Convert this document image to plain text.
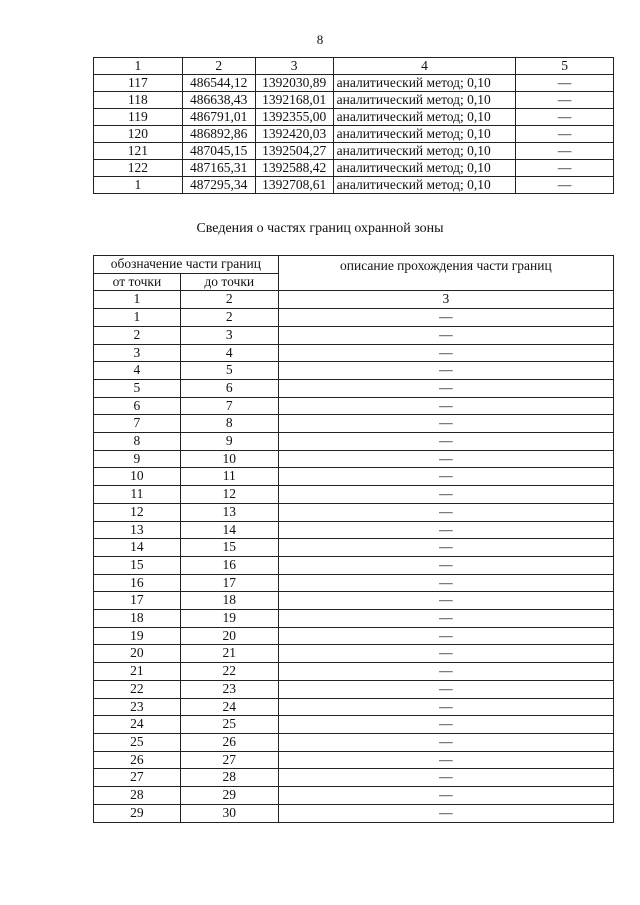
8
1	2	3	4	5
117	486544,12	1392030,89	аналитический метод; 0,10	—
118	486638,43	1392168,01	аналитический метод; 0,10	—
119	486791,01	1392355,00	аналитический метод; 0,10	—
120	486892,86	1392420,03	аналитический метод; 0,10	—
121	487045,15	1392504,27	аналитический метод; 0,10	—
122	487165,31	1392588,42	аналитический метод; 0,10	—
1	487295,34	1392708,61	аналитический метод; 0,10	—
Сведения о частях границ охранной зоны
обозначение части границ		описание прохождения части границ
от точки	до точки	
1	2	3
1	2	—
2	3	—
3	4	—
4	5	—
5	6	—
6	7	—
7	8	—
8	9	—
9	10	—
10	11	—
11	12	—
12	13	—
13	14	—
14	15	—
15	16	—
16	17	—
17	18	—
18	19	—
19	20	—
20	21	—
21	22	—
22	23	—
23	24	—
24	25	—
25	26	—
26	27	—
27	28	—
28	29	—
29	30	—
